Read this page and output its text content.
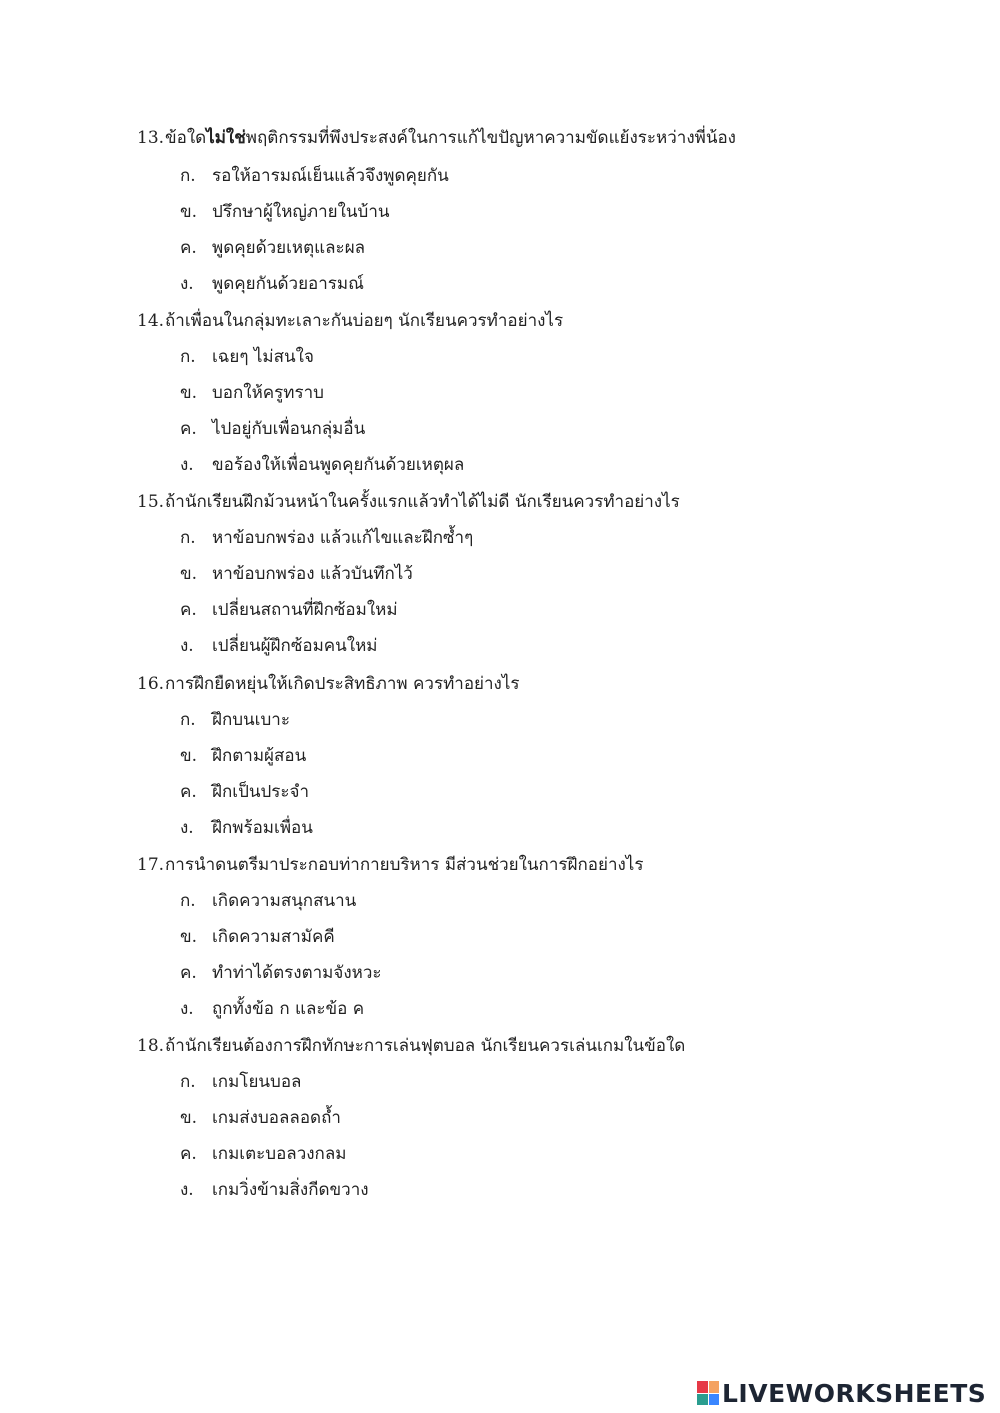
13.ข้อใดไม่ใช่พฤติกรรมที่พึงประสงค์ในการแก้ไขปัญหาความขัดแย้งระหว่างพี่น้อง
ก. รอให้อารมณ์เย็นแล้วจึงพูดคุยกัน
ข. ปรึกษาผู้ใหญ่ภายในบ้าน
ค. พูดคุยด้วยเหตุและผล
ง. พูดคุยกันด้วยอารมณ์
14.ถ้าเพื่อนในกลุ่มทะเลาะกันบ่อยๆ นักเรียนควรทำอย่างไร
ก. เฉยๆ ไม่สนใจ
ข. บอกให้ครูทราบ
ค. ไปอยู่กับเพื่อนกลุ่มอื่น
ง. ขอร้องให้เพื่อนพูดคุยกันด้วยเหตุผล
15.ถ้านักเรียนฝึกม้วนหน้าในครั้งแรกแล้วทำได้ไม่ดี นักเรียนควรทำอย่างไร
ก. หาข้อบกพร่อง แล้วแก้ไขและฝึกซ้ำๆ
ข. หาข้อบกพร่อง แล้วบันทึกไว้
ค. เปลี่ยนสถานที่ฝึกซ้อมใหม่
ง. เปลี่ยนผู้ฝึกซ้อมคนใหม่
16.การฝึกยืดหยุ่นให้เกิดประสิทธิภาพ ควรทำอย่างไร
ก. ฝึกบนเบาะ
ข. ฝึกตามผู้สอน
ค. ฝึกเป็นประจำ
ง. ฝึกพร้อมเพื่อน
17.การนำดนตรีมาประกอบท่ากายบริหาร มีส่วนช่วยในการฝึกอย่างไร
ก. เกิดความสนุกสนาน
ข. เกิดความสามัคคี
ค. ทำท่าได้ตรงตามจังหวะ
ง. ถูกทั้งข้อ ก และข้อ ค
18.ถ้านักเรียนต้องการฝึกทักษะการเล่นฟุตบอล นักเรียนควรเล่นเกมในข้อใด
ก. เกมโยนบอล
ข. เกมส่งบอลลอดถ้ำ
ค. เกมเตะบอลวงกลม
ง. เกมวิ่งข้ามสิ่งกีดขวาง
LIVEWORKSHEETS
